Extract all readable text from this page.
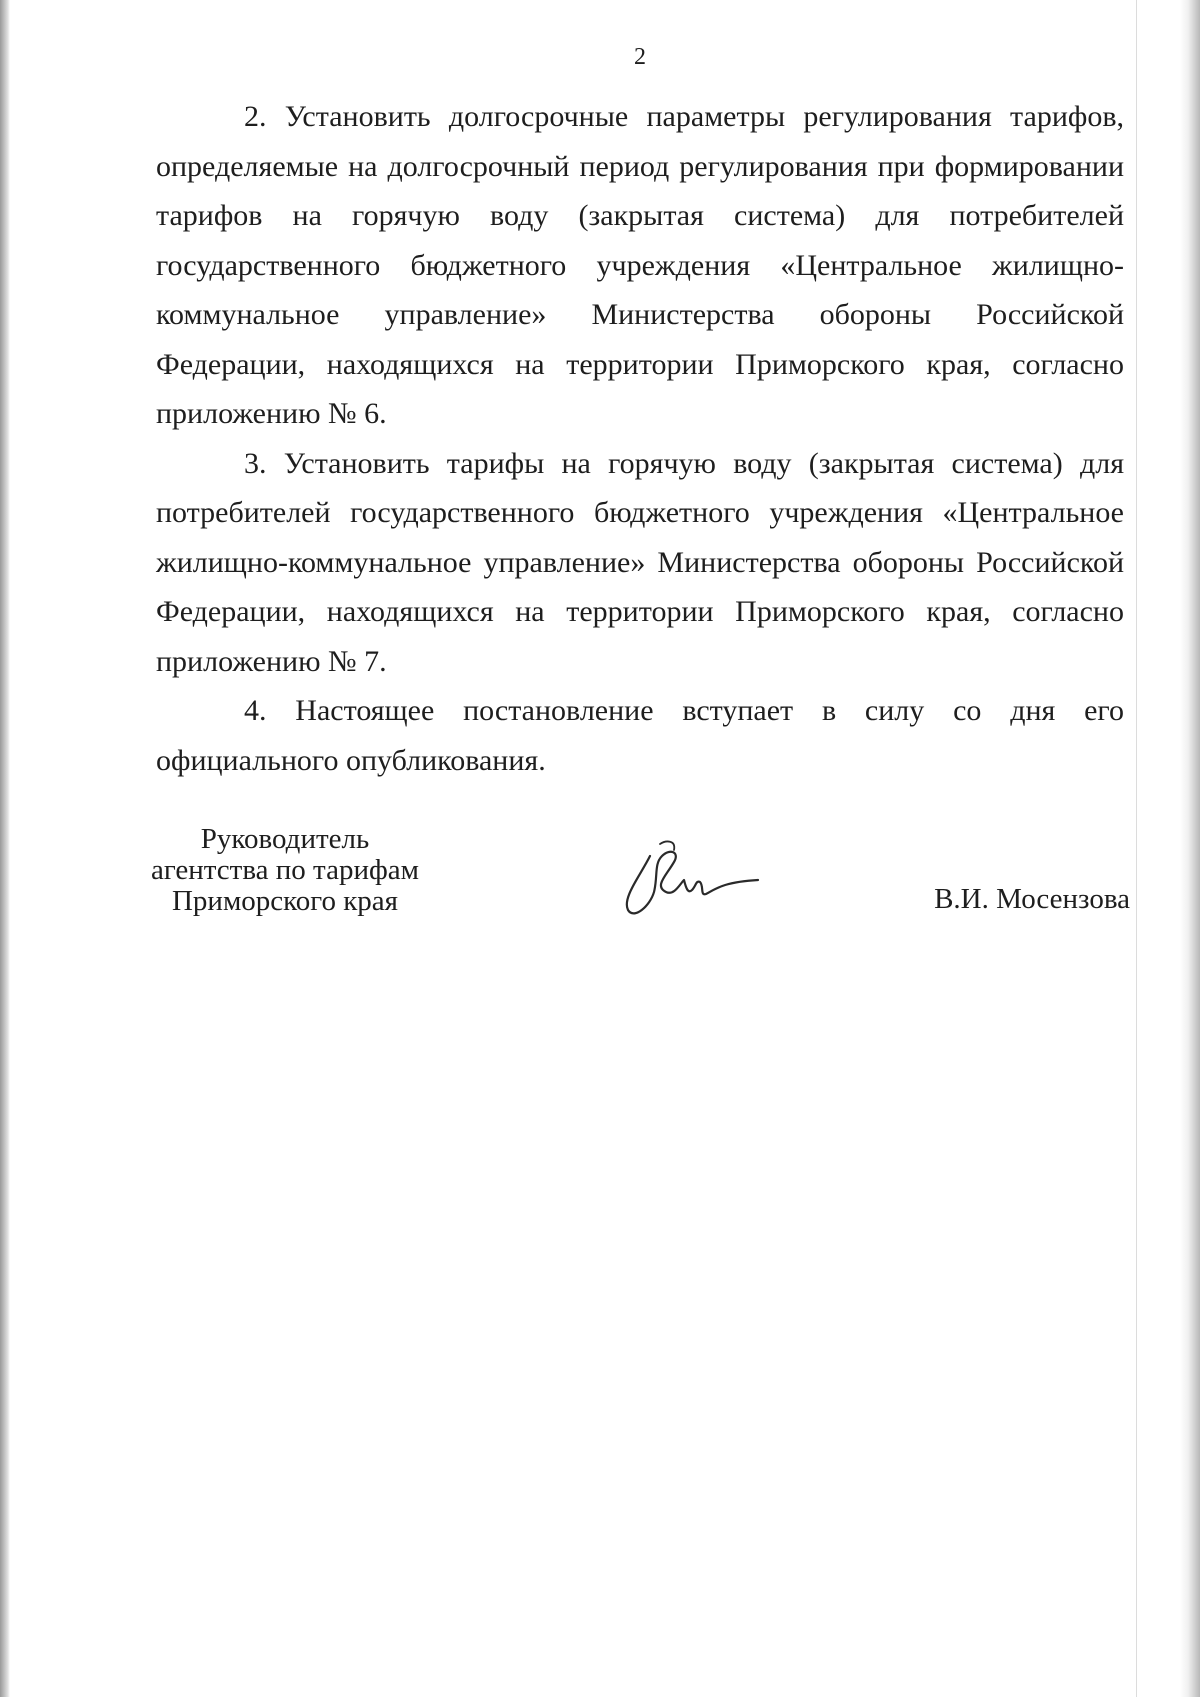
2

2. Установить долгосрочные параметры регулирования тарифов, определяемые на долгосрочный период регулирования при формировании тарифов на горячую воду (закрытая система) для потребителей государственного бюджетного учреждения «Центральное жилищно-коммунальное управление» Министерства обороны Российской Федерации, находящихся на территории Приморского края, согласно приложению № 6.

3. Установить тарифы на горячую воду (закрытая система) для потребителей государственного бюджетного учреждения «Центральное жилищно-коммунальное управление» Министерства обороны Российской Федерации, находящихся на территории Приморского края, согласно приложению № 7.

4. Настоящее постановление вступает в силу со дня его официального опубликования.

Руководитель
агентства по тарифам
Приморского края	В.И. Мосензова
